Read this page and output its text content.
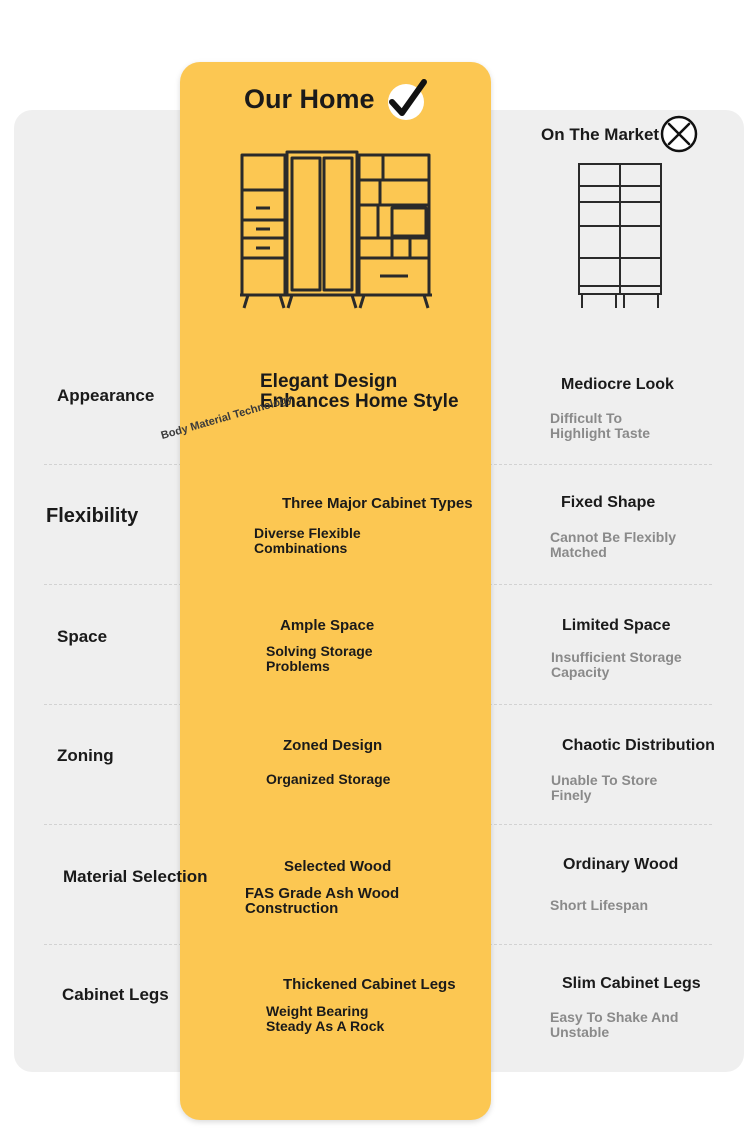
Our Home
On The Market
Appearance
Elegant Design Enhances Home Style
Body Material Technology
Mediocre Look
Difficult To Highlight Taste
Flexibility
Three Major Cabinet Types
Diverse Flexible Combinations
Fixed Shape
Cannot Be Flexibly Matched
Space
Ample Space
Solving Storage Problems
Limited Space
Insufficient Storage Capacity
Zoning
Zoned Design
Organized Storage
Chaotic Distribution
Unable To Store Finely
Material Selection
Selected Wood
FAS Grade Ash Wood Construction
Ordinary Wood
Short Lifespan
Cabinet Legs
Thickened Cabinet Legs
Weight Bearing Steady As A Rock
Slim Cabinet Legs
Easy To Shake And Unstable
